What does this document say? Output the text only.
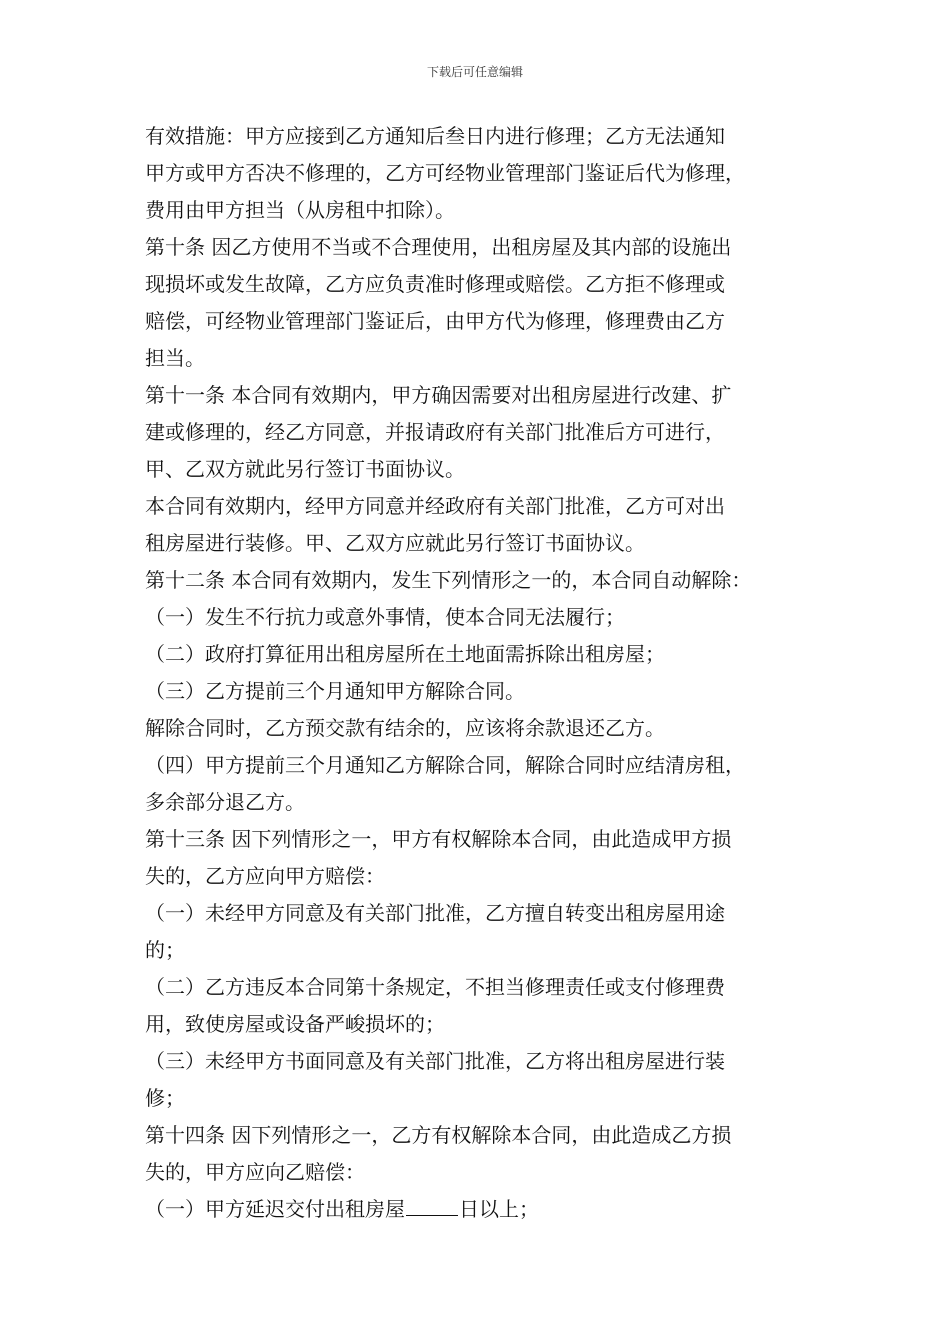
下载后可任意编辑
有效措施：甲方应接到乙方通知后叁日内进行修理；乙方无法通知
甲方或甲方否决不修理的，乙方可经物业管理部门鉴证后代为修理，
费用由甲方担当（从房租中扣除）。
第十条 因乙方使用不当或不合理使用，出租房屋及其内部的设施出
现损坏或发生故障，乙方应负责准时修理或赔偿。乙方拒不修理或
赔偿，可经物业管理部门鉴证后，由甲方代为修理，修理费由乙方
担当。
第十一条 本合同有效期内，甲方确因需要对出租房屋进行改建、扩
建或修理的，经乙方同意，并报请政府有关部门批准后方可进行，
甲、乙双方就此另行签订书面协议。
本合同有效期内，经甲方同意并经政府有关部门批准，乙方可对出
租房屋进行装修。甲、乙双方应就此另行签订书面协议。
第十二条 本合同有效期内，发生下列情形之一的，本合同自动解除：
（一）发生不行抗力或意外事情，使本合同无法履行；
（二）政府打算征用出租房屋所在土地面需拆除出租房屋；
（三）乙方提前三个月通知甲方解除合同。
解除合同时，乙方预交款有结余的，应该将余款退还乙方。
（四）甲方提前三个月通知乙方解除合同，解除合同时应结清房租，
多余部分退乙方。
第十三条 因下列情形之一，甲方有权解除本合同，由此造成甲方损
失的，乙方应向甲方赔偿：
（一）未经甲方同意及有关部门批准，乙方擅自转变出租房屋用途
的；
（二）乙方违反本合同第十条规定，不担当修理责任或支付修理费
用，致使房屋或设备严峻损坏的；
（三）未经甲方书面同意及有关部门批准，乙方将出租房屋进行装
修；
第十四条 因下列情形之一，乙方有权解除本合同，由此造成乙方损
失的，甲方应向乙赔偿：
（一）甲方延迟交付出租房屋	日以上；
